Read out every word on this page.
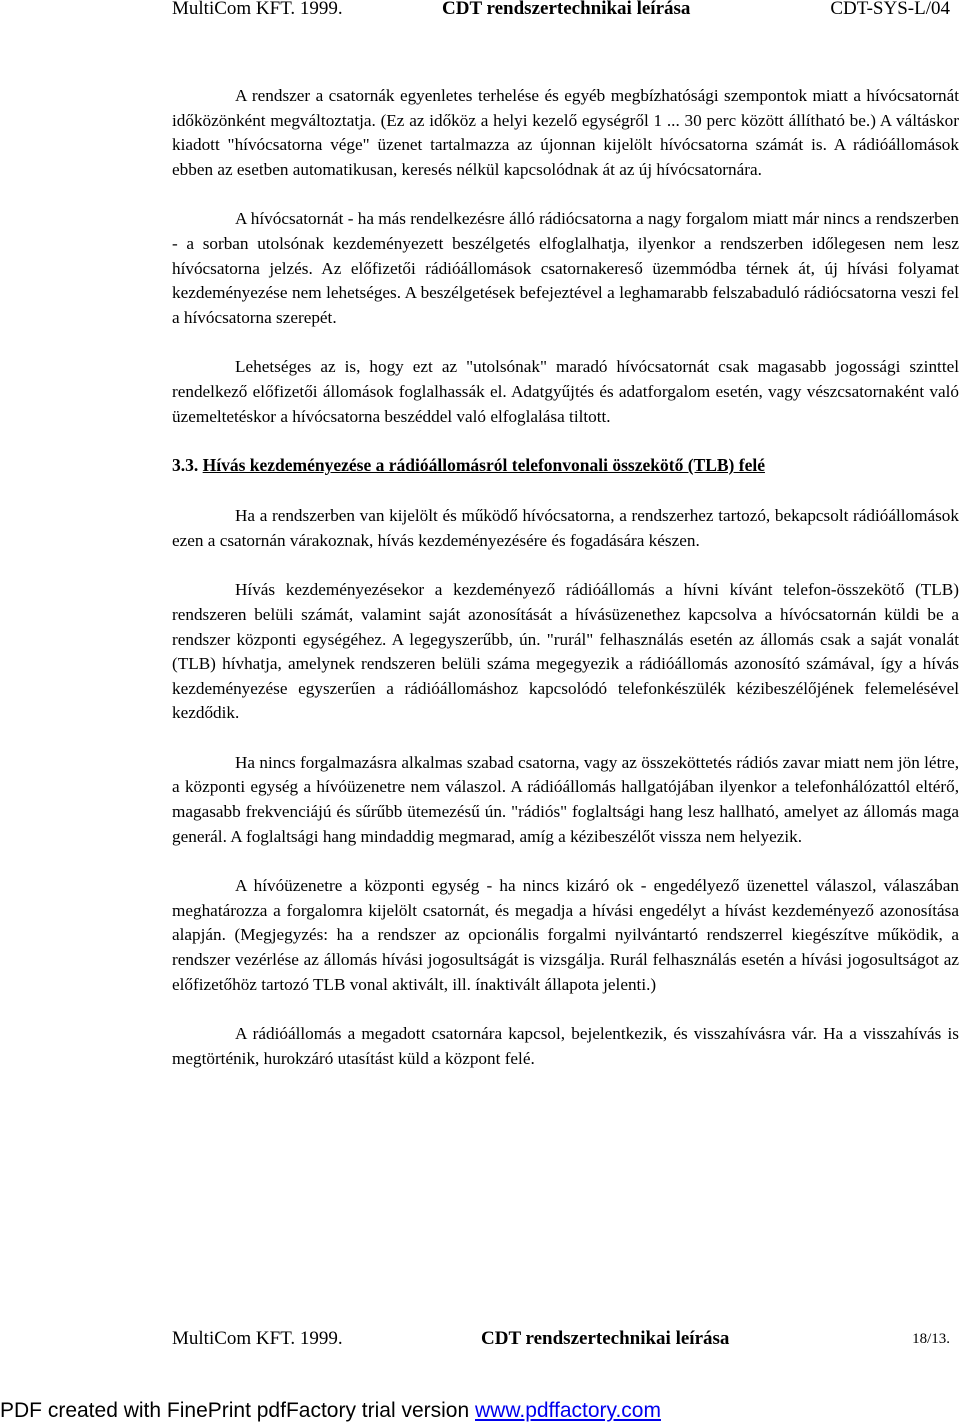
MultiCom KFT. 1999.	CDT rendszertechnikai leírása	CDT-SYS-L/04

A rendszer a csatornák egyenletes terhelése és egyéb megbízhatósági szempontok miatt a hívócsatornát időközönként megváltoztatja. (Ez az időköz a helyi kezelő egységről 1 ... 30 perc között állítható be.) A váltáskor kiadott "hívócsatorna vége" üzenet tartalmazza az újonnan kijelölt hívócsatorna számát is. A rádióállomások ebben az esetben automatikusan, keresés nélkül kapcsolódnak át az új hívócsatornára.

A hívócsatornát - ha más rendelkezésre álló rádiócsatorna a nagy forgalom miatt már nincs a rendszerben - a sorban utolsónak kezdeményezett beszélgetés elfoglalhatja, ilyenkor a rendszerben időlegesen nem lesz hívócsatorna jelzés. Az előfizetői rádióállomások csatornakereső üzemmódba térnek át, új hívási folyamat kezdeményezése nem lehetséges. A beszélgetések befejeztével a leghamarabb felszabaduló rádiócsatorna veszi fel a hívócsatorna szerepét.

Lehetséges az is, hogy ezt az "utolsónak" maradó hívócsatornát csak magasabb jogossági szinttel rendelkező előfizetői állomások foglalhassák el. Adatgyűjtés és adatforgalom esetén, vagy vészcsatornaként való üzemeltetéskor a hívócsatorna beszéddel való elfoglalása tiltott.

3.3. Hívás kezdeményezése a rádióállomásról telefonvonali összekötő (TLB) felé

Ha a rendszerben van kijelölt és működő hívócsatorna, a rendszerhez tartozó, bekapcsolt rádióállomások ezen a csatornán várakoznak, hívás kezdeményezésére és fogadására készen.

Hívás kezdeményezésekor a kezdeményező rádióállomás a hívni kívánt telefon-összekötő (TLB) rendszeren belüli számát, valamint saját azonosítását a hívásüzenethez kapcsolva a hívócsatornán küldi be a rendszer központi egységéhez. A legegyszerűbb, ún. "rurál" felhasználás esetén az állomás csak a saját vonalát (TLB) hívhatja, amelynek rendszeren belüli száma megegyezik a rádióállomás azonosító számával, így a hívás kezdeményezése egyszerűen a rádióállomáshoz kapcsolódó telefonkészülék kézibeszélőjének felemelésével kezdődik.

Ha nincs forgalmazásra alkalmas szabad csatorna, vagy az összeköttetés rádiós zavar miatt nem jön létre, a központi egység a hívóüzenetre nem válaszol. A rádióállomás hallgatójában ilyenkor a telefonhálózattól eltérő, magasabb frekvenciájú és sűrűbb ütemezésű ún. "rádiós" foglaltsági hang lesz hallható, amelyet az állomás maga generál. A foglaltsági hang mindaddig megmarad, amíg a kézibeszélőt vissza nem helyezik.

A hívóüzenetre a központi egység - ha nincs kizáró ok - engedélyező üzenettel válaszol, válaszában meghatározza a forgalomra kijelölt csatornát, és megadja a hívási engedélyt a hívást kezdeményező azonosítása alapján. (Megjegyzés: ha a rendszer az opcionális forgalmi nyilvántartó rendszerrel kiegészítve működik, a rendszer vezérlése az állomás hívási jogosultságát is vizsgálja. Rurál felhasználás esetén a hívási jogosultságot az előfizetőhöz tartozó TLB vonal aktivált, ill. ínaktivált állapota jelenti.)

A rádióállomás a megadott csatornára kapcsol, bejelentkezik, és visszahívásra vár. Ha a visszahívás is megtörténik, hurokzáró utasítást küld a központ felé.

MultiCom KFT. 1999.	CDT rendszertechnikai leírása	18/13.
PDF created with FinePrint pdfFactory trial version www.pdffactory.com
